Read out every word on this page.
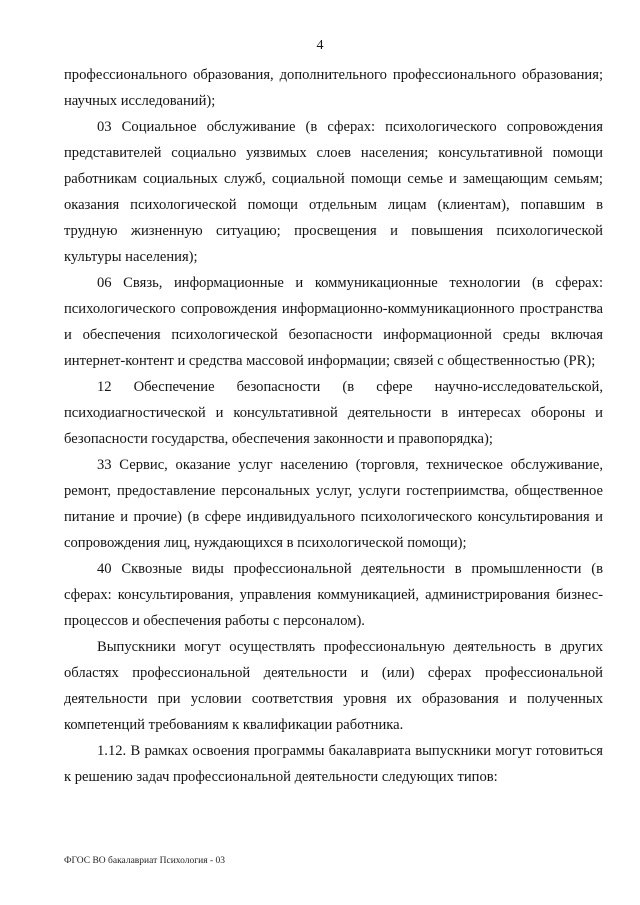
4

профессионального образования, дополнительного профессионального образования; научных исследований);

03 Социальное обслуживание (в сферах: психологического сопровождения представителей социально уязвимых слоев населения; консультативной помощи работникам социальных служб, социальной помощи семье и замещающим семьям; оказания психологической помощи отдельным лицам (клиентам), попавшим в трудную жизненную ситуацию; просвещения и повышения психологической культуры населения);

06 Связь, информационные и коммуникационные технологии (в сферах: психологического сопровождения информационно-коммуникационного пространства и обеспечения психологической безопасности информационной среды включая интернет-контент и средства массовой информации; связей с общественностью (PR);

12 Обеспечение безопасности (в сфере научно-исследовательской, психодиагностической и консультативной деятельности в интересах обороны и безопасности государства, обеспечения законности и правопорядка);

33 Сервис, оказание услуг населению (торговля, техническое обслуживание, ремонт, предоставление персональных услуг, услуги гостеприимства, общественное питание и прочие) (в сфере индивидуального психологического консультирования и сопровождения лиц, нуждающихся в психологической помощи);

40 Сквозные виды профессиональной деятельности в промышленности (в сферах: консультирования, управления коммуникацией, администрирования бизнес-процессов и обеспечения работы с персоналом).

Выпускники могут осуществлять профессиональную деятельность в других областях профессиональной деятельности и (или) сферах профессиональной деятельности при условии соответствия уровня их образования и полученных компетенций требованиям к квалификации работника.

1.12. В рамках освоения программы бакалавриата выпускники могут готовиться к решению задач профессиональной деятельности следующих типов:

ФГОС ВО бакалавриат Психология - 03
